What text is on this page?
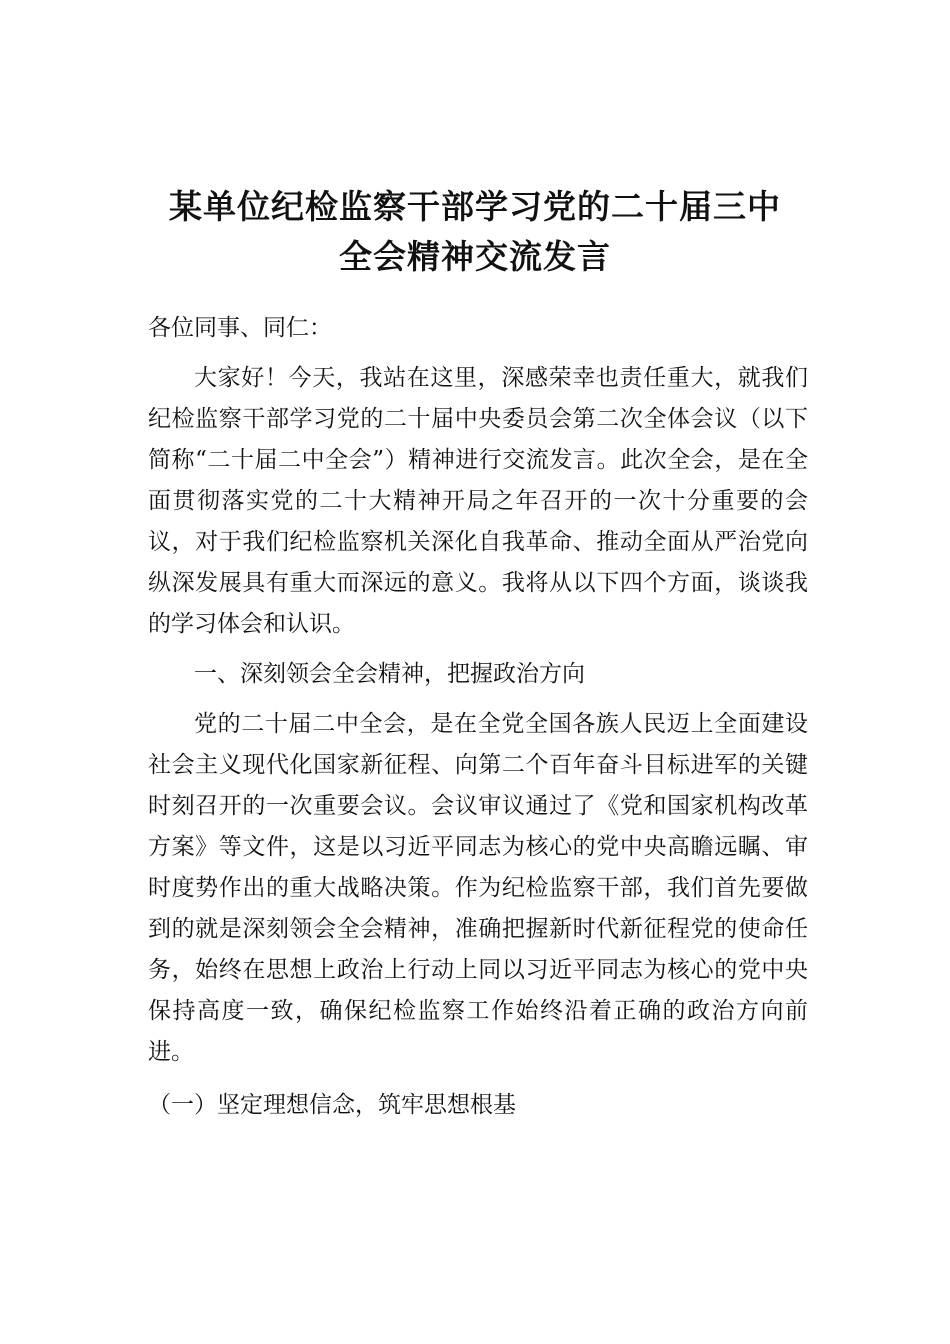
某单位纪检监察干部学习党的二十届三中
全会精神交流发言

各位同事、同仁：

大家好！今天，我站在这里，深感荣幸也责任重大，就我们纪检监察干部学习党的二十届中央委员会第二次全体会议（以下简称“二十届二中全会”）精神进行交流发言。此次全会，是在全面贯彻落实党的二十大精神开局之年召开的一次十分重要的会议，对于我们纪检监察机关深化自我革命、推动全面从严治党向纵深发展具有重大而深远的意义。我将从以下四个方面，谈谈我的学习体会和认识。

一、深刻领会全会精神，把握政治方向

党的二十届二中全会，是在全党全国各族人民迈上全面建设社会主义现代化国家新征程、向第二个百年奋斗目标进军的关键时刻召开的一次重要会议。会议审议通过了《党和国家机构改革方案》等文件，这是以习近平同志为核心的党中央高瞻远瞩、审时度势作出的重大战略决策。作为纪检监察干部，我们首先要做到的就是深刻领会全会精神，准确把握新时代新征程党的使命任务，始终在思想上政治上行动上同以习近平同志为核心的党中央保持高度一致，确保纪检监察工作始终沿着正确的政治方向前进。

（一）坚定理想信念，筑牢思想根基
